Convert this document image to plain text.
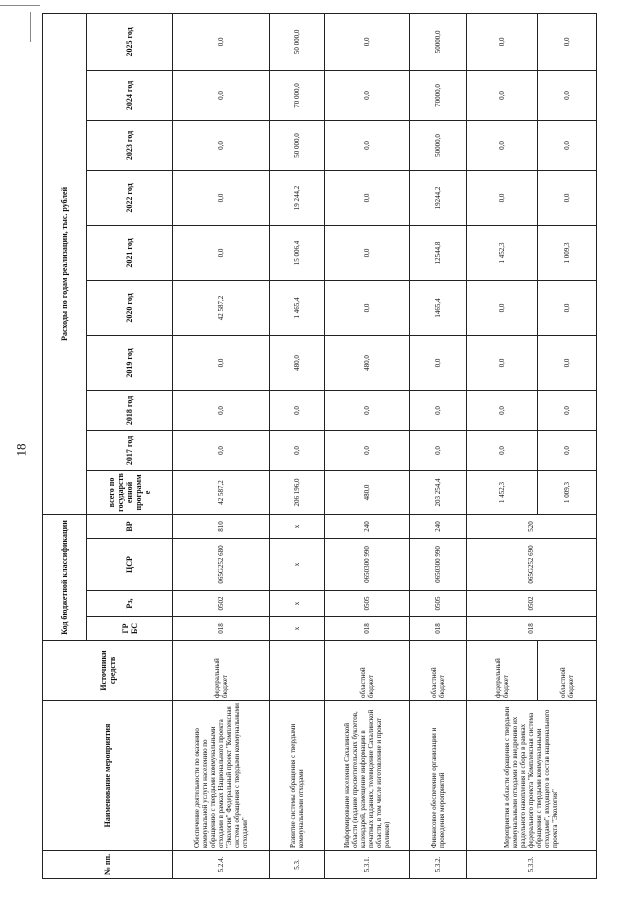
18
№ пп.	Наименование мероприятия	Источники средств	Код бюджетной классификации				Расходы по годам реализации, тыс. рублей									
			ГР БС	Рз,	ЦСР	ВР	всего по государственной программе	2017 год	2018 год	2019 год	2020 год	2021 год	2022 год	2023 год	2024 год	2025 год
5.2.4.	Обеспечение деятельности по оказанию коммунальной услуги населению по обращению с твердыми коммунальными отходами в рамках Национального проекта "Экология" Федеральный проект "Комплексная система обращения с твердыми коммунальными отходами"	федеральный бюджет	018	0502	065G252 680	810	42 587,2	0,0	0,0	0,0	42 587,2	0,0	0,0	0,0	0,0	0,0
5.3.	Развитие системы обращения с твердыми коммунальными отходами		x	x	x	x	206 196,0	0,0	0,0	480,0	1 465,4	15 006,4	19 244,2	50 000,0	70 000,0	50 000,0
5.3.1.	Информирование населения Сахалинской области (издание просветительских буклетов, календарей, размещение информации в печатных изданиях, телевидение Сахалинской области, в том числе изготовление и прокат роликов)	областной бюджет	018	0505	0650300 990	240	480,0	0,0	0,0	480,0	0,0	0,0	0,0	0,0	0,0	0,0
5.3.2.	Финансовое обеспечение организации и проведения мероприятий	областной бюджет	018	0505	0650300 990	240	203 254,4	0,0	0,0	0,0	1465,4	12544,8	19244,2	50000,0	70000,0	50000,0
5.3.3.	Мероприятия в области обращения с твердыми коммунальными отходами по внедрению их раздельного накопления и сбора в рамках федерального проекта "Комплексная система обращения с твердыми коммунальными отходами", входящего в состав национального проекта "Экология"	федеральный бюджет	018	0502	065G252 690	520	1 452,3	0,0	0,0	0,0	0,0	1 452,3	0,0	0,0	0,0	0,0
		областной бюджет					1 009,3	0,0	0,0	0,0	0,0	1 009,3	0,0	0,0	0,0	0,0
